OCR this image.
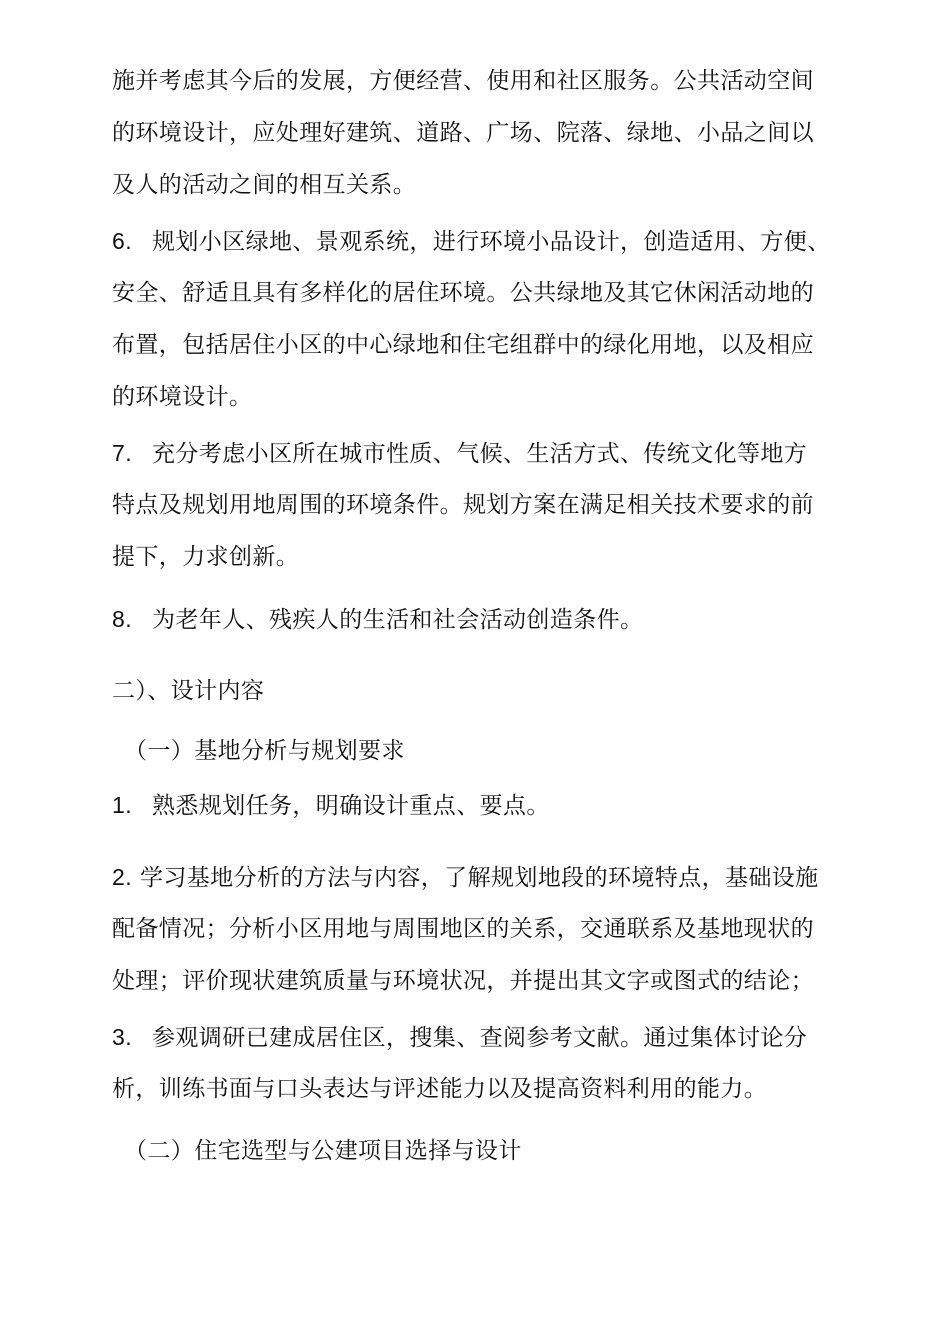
施并考虑其今后的发展，方便经营、使用和社区服务。公共活动空间
的环境设计，应处理好建筑、道路、广场、院落、绿地、小品之间以
及人的活动之间的相互关系。
6. 规划小区绿地、景观系统，进行环境小品设计，创造适用、方便、
安全、舒适且具有多样化的居住环境。公共绿地及其它休闲活动地的
布置，包括居住小区的中心绿地和住宅组群中的绿化用地，以及相应
的环境设计。
7. 充分考虑小区所在城市性质、气候、生活方式、传统文化等地方
特点及规划用地周围的环境条件。规划方案在满足相关技术要求的前
提下，力求创新。
8. 为老年人、残疾人的生活和社会活动创造条件。
二）、设计内容
（一）基地分析与规划要求
1. 熟悉规划任务，明确设计重点、要点。
2. 学习基地分析的方法与内容，了解规划地段的环境特点，基础设施
配备情况；分析小区用地与周围地区的关系，交通联系及基地现状的
处理；评价现状建筑质量与环境状况，并提出其文字或图式的结论；
3. 参观调研已建成居住区，搜集、查阅参考文献。通过集体讨论分
析，训练书面与口头表达与评述能力以及提高资料利用的能力。
（二）住宅选型与公建项目选择与设计
